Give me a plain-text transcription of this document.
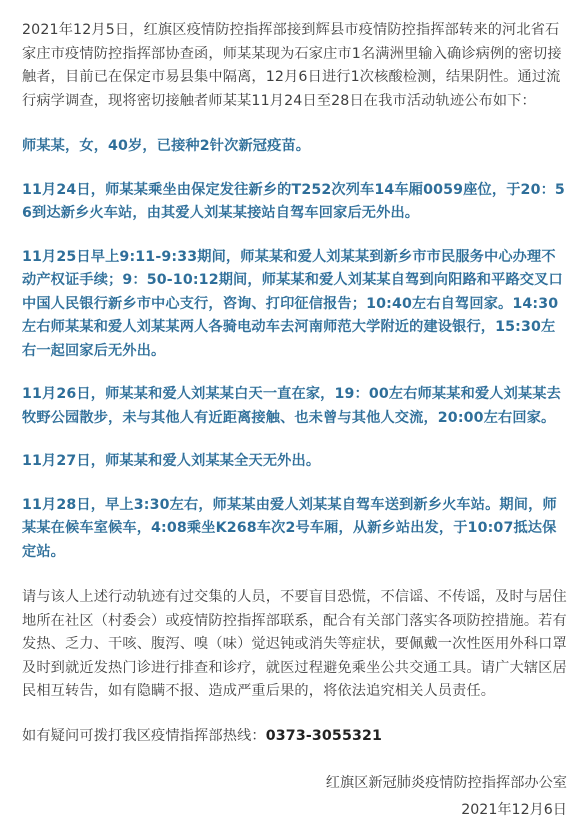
2021年12月5日，红旗区疫情防控指挥部接到辉县市疫情防控指挥部转来的河北省石家庄市疫情防控指挥部协查函，师某某现为石家庄市1名满洲里输入确诊病例的密切接触者，目前已在保定市易县集中隔离，12月6日进行1次核酸检测，结果阴性。通过流行病学调查，现将密切接触者师某某11月24日至28日在我市活动轨迹公布如下：

师某某，女，40岁，已接种2针次新冠疫苗。

11月24日，师某某乘坐由保定发往新乡的T252次列车14车厢0059座位，于20：56到达新乡火车站，由其爱人刘某某接站自驾车回家后无外出。

11月25日早上9:11-9:33期间，师某某和爱人刘某某到新乡市市民服务中心办理不动产权证手续；9：50-10:12期间，师某某和爱人刘某某自驾到向阳路和平路交叉口中国人民银行新乡市中心支行，咨询、打印征信报告；10:40左右自驾回家。14:30左右师某某和爱人刘某某两人各骑电动车去河南师范大学附近的建设银行，15:30左右一起回家后无外出。

11月26日，师某某和爱人刘某某白天一直在家，19：00左右师某某和爱人刘某某去牧野公园散步，未与其他人有近距离接触、也未曾与其他人交流，20:00左右回家。

11月27日，师某某和爱人刘某某全天无外出。

11月28日，早上3:30左右，师某某由爱人刘某某自驾车送到新乡火车站。期间，师某某在候车室候车，4:08乘坐K268车次2号车厢，从新乡站出发，于10:07抵达保定站。

请与该人上述行动轨迹有过交集的人员，不要盲目恐慌，不信谣、不传谣，及时与居住地所在社区（村委会）或疫情防控指挥部联系，配合有关部门落实各项防控措施。若有发热、乏力、干咳、腹泻、嗅（味）觉迟钝或消失等症状，要佩戴一次性医用外科口罩及时到就近发热门诊进行排查和诊疗，就医过程避免乘坐公共交通工具。请广大辖区居民相互转告，如有隐瞒不报、造成严重后果的，将依法追究相关人员责任。

如有疑问可拨打我区疫情指挥部热线：0373-3055321

红旗区新冠肺炎疫情防控指挥部办公室

2021年12月6日
